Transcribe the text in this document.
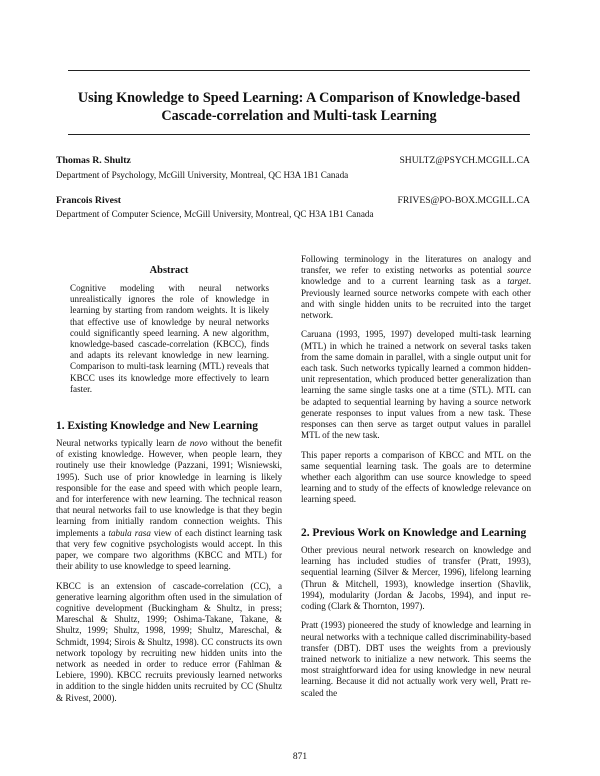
Using Knowledge to Speed Learning: A Comparison of Knowledge-based
Cascade-correlation and Multi-task Learning
Thomas R. Shultz	SHULTZ@PSYCH.MCGILL.CA
Department of Psychology, McGill University, Montreal, QC H3A 1B1 Canada
Francois Rivest	FRIVES@PO-BOX.MCGILL.CA
Department of Computer Science, McGill University, Montreal, QC H3A 1B1 Canada
Abstract
Cognitive modeling with neural networks unrealistically ignores the role of knowledge in learning by starting from random weights. It is likely that effective use of knowledge by neural networks could significantly speed learning. A new algorithm, knowledge-based cascade-correlation (KBCC), finds and adapts its relevant knowledge in new learning. Comparison to multi-task learning (MTL) reveals that KBCC uses its knowledge more effectively to learn faster.
1. Existing Knowledge and New Learning

Neural networks typically learn de novo without the benefit of existing knowledge. However, when people learn, they routinely use their knowledge (Pazzani, 1991; Wisniewski, 1995). Such use of prior knowledge in learning is likely responsible for the ease and speed with which people learn, and for interference with new learning. The technical reason that neural networks fail to use knowledge is that they begin learning from initially random connection weights. This implements a tabula rasa view of each distinct learning task that very few cognitive psychologists would accept. In this paper, we compare two algorithms (KBCC and MTL) for their ability to use knowledge to speed learning.

KBCC is an extension of cascade-correlation (CC), a generative learning algorithm often used in the simulation of cognitive development (Buckingham & Shultz, in press; Mareschal & Shultz, 1999; Oshima-Takane, Takane, & Shultz, 1999; Shultz, 1998, 1999; Shultz, Mareschal, & Schmidt, 1994; Sirois & Shultz, 1998). CC constructs its own network topology by recruiting new hidden units into the network as needed in order to reduce error (Fahlman & Lebiere, 1990). KBCC recruits previously learned networks in addition to the single hidden units recruited by CC (Shultz & Rivest, 2000).

Following terminology in the literatures on analogy and transfer, we refer to existing networks as potential source knowledge and to a current learning task as a target. Previously learned source networks compete with each other and with single hidden units to be recruited into the target network.

Caruana (1993, 1995, 1997) developed multi-task learning (MTL) in which he trained a network on several tasks taken from the same domain in parallel, with a single output unit for each task. Such networks typically learned a common hidden-unit representation, which produced better generalization than learning the same single tasks one at a time (STL). MTL can be adapted to sequential learning by having a source network generate responses to input values from a new task. These responses can then serve as target output values in parallel MTL of the new task.

This paper reports a comparison of KBCC and MTL on the same sequential learning task. The goals are to determine whether each algorithm can use source knowledge to speed learning and to study of the effects of knowledge relevance on learning speed.

2. Previous Work on Knowledge and Learning

Other previous neural network research on knowledge and learning has included studies of transfer (Pratt, 1993), sequential learning (Silver & Mercer, 1996), lifelong learning (Thrun & Mitchell, 1993), knowledge insertion (Shavlik, 1994), modularity (Jordan & Jacobs, 1994), and input re-coding (Clark & Thornton, 1997).

Pratt (1993) pioneered the study of knowledge and learning in neural networks with a technique called discriminability-based transfer (DBT). DBT uses the weights from a previously trained network to initialize a new network. This seems the most straightforward idea for using knowledge in new neural learning. Because it did not actually work very well, Pratt re-scaled the

871
